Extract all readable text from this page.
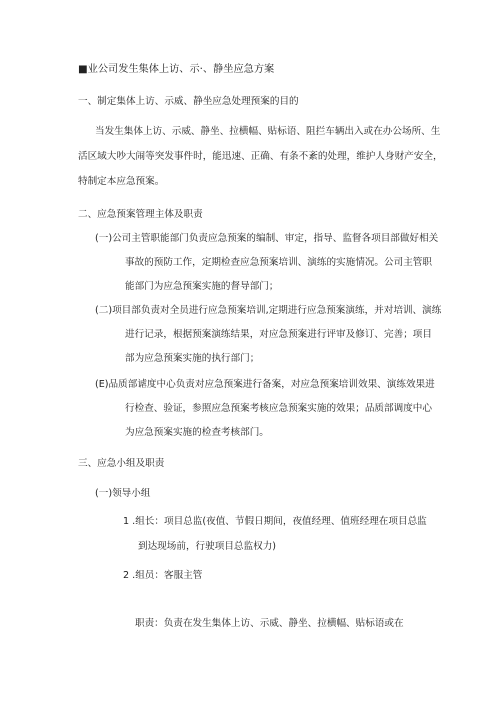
■业公司发生集体上访、示·、静坐应急方案
一、制定集体上访、示威、静坐应急处理预案的目的
当发生集体上访、示威、静坐、拉横幅、贴标语、阻拦车辆出入或在办公场所、生
活区域大吵大闹等突发事件时，能迅速、正确、有条不紊的处理，维护人身财产安全，
特制定本应急预案。
二、应急预案管理主体及职责
(一)公司主管职能部门负责应急预案的编制、审定，指导、监督各项目部做好相关
事故的预防工作，定期检查应急预案培训、演练的实施情况。公司主管职
能部门为应急预案实施的督导部门；
(二)项目部负责对全员进行应急预案培训,定期进行应急预案演练，并对培训、演练
进行记录，根据预案演练结果，对应急预案进行评审及修订、完善；项目
部为应急预案实施的执行部门；
(E)品质部谑度中心负责对应急预案进行备案，对应急预案培训效果、演练效果进
行检查、验证，参照应急预案考核应急预案实施的效果；品质部调度中心
为应急预案实施的检查考核部门。
三、应急小组及职责
(一)领导小组
1 .组长：项目总监(夜值、节假日期间，夜值经理、值班经理在项目总监
到达现场前，行驶项目总监权力)
2 .组员：客服主管
职责：负责在发生集体上访、示威、静坐、拉横幅、贴标语或在
